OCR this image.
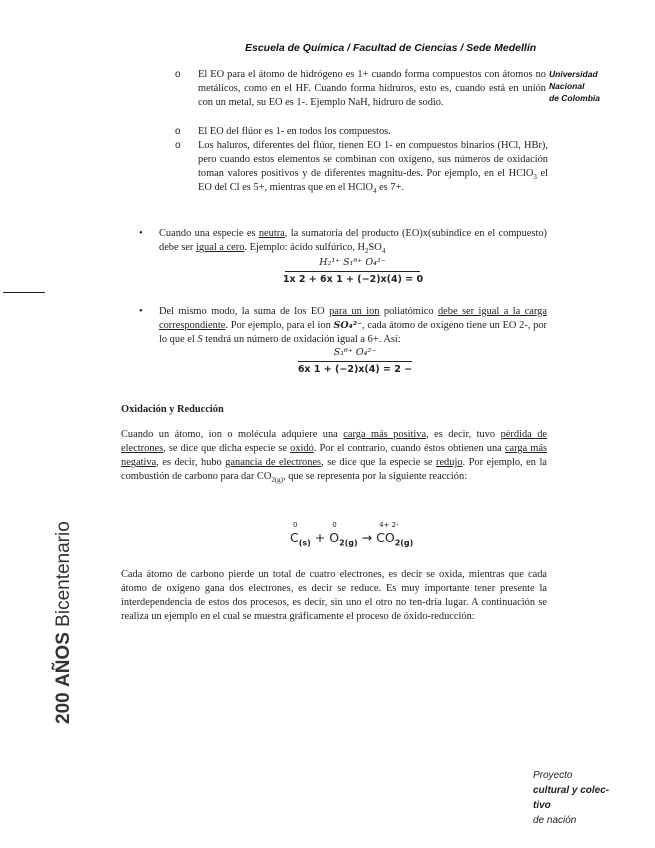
Escuela de Química / Facultad de Ciencias / Sede Medellín
Universidad
Nacional
de Colombia
o El EO para el átomo de hidrógeno es 1+ cuando forma compuestos con átomos no metálicos, como en el HF. Cuando forma hidruros, esto es, cuando está en unión con un metal, su EO es 1-. Ejemplo NaH, hidruro de sodio.
o El EO del flúor es 1- en todos los compuestos.
o Los haluros, diferentes del flúor, tienen EO 1- en compuestos binarios (HCl, HBr), pero cuando estos elementos se combinan con oxígeno, sus números de oxidación toman valores positivos y de diferentes magnitu-des. Por ejemplo, en el HClO$_3$ el EO del Cl es 5+, mientras que en el HClO$_4$ es 7+.
• Cuando una especie es neutra, la sumatoria del producto (EO)x(subíndice en el compuesto) debe ser igual a cero. Ejemplo: ácido sulfúrico, $H_2SO_4$
H₂¹⁺ S₁⁶⁺ O₄²⁻
1x 2 + 6x 1 + (−2)x(4) = 0
• Del mismo modo, la suma de los EO para un ion poliatómico debe ser igual a la carga correspondiente. Por ejemplo, para el ion SO₄²⁻, cada átomo de oxígeno tiene un EO 2-, por lo que el S tendrá un número de oxidación igual a 6+. Así:
S₁⁶⁺ O₄²⁻
6x 1 + (−2)x(4) = 2 −
Oxidación y Reducción
Cuando un átomo, ion o molécula adquiere una carga más positiva, es decir, tuvo pérdida de electrones, se dice que dicha especie se oxidó. Por el contrario, cuando éstos obtienen una carga más negativa, es decir, hubo ganancia de electrones, se dice que la especie se redujo. Por ejemplo, en la combustión de carbono para dar $CO_{2(g)}$, que se representa por la siguiente reacción:
0
$C_{(s)}$ +
0
$O_{2(g)}$ →
4+ 2-
$CO_{2(g)}$
Cada átomo de carbono pierde un total de cuatro electrones, es decir se oxida, mientras que cada átomo de oxígeno gana dos electrones, es decir se reduce. Es muy importante tener presente la interdependencia de estos dos procesos, es decir, sin uno el otro no ten-dría lugar. A continuación se realiza un ejemplo en el cual se muestra gráficamente el proceso de óxido-reducción:
200 AÑOS Bicentenario
Proyecto
cultural y colec-
tivo
de nación
